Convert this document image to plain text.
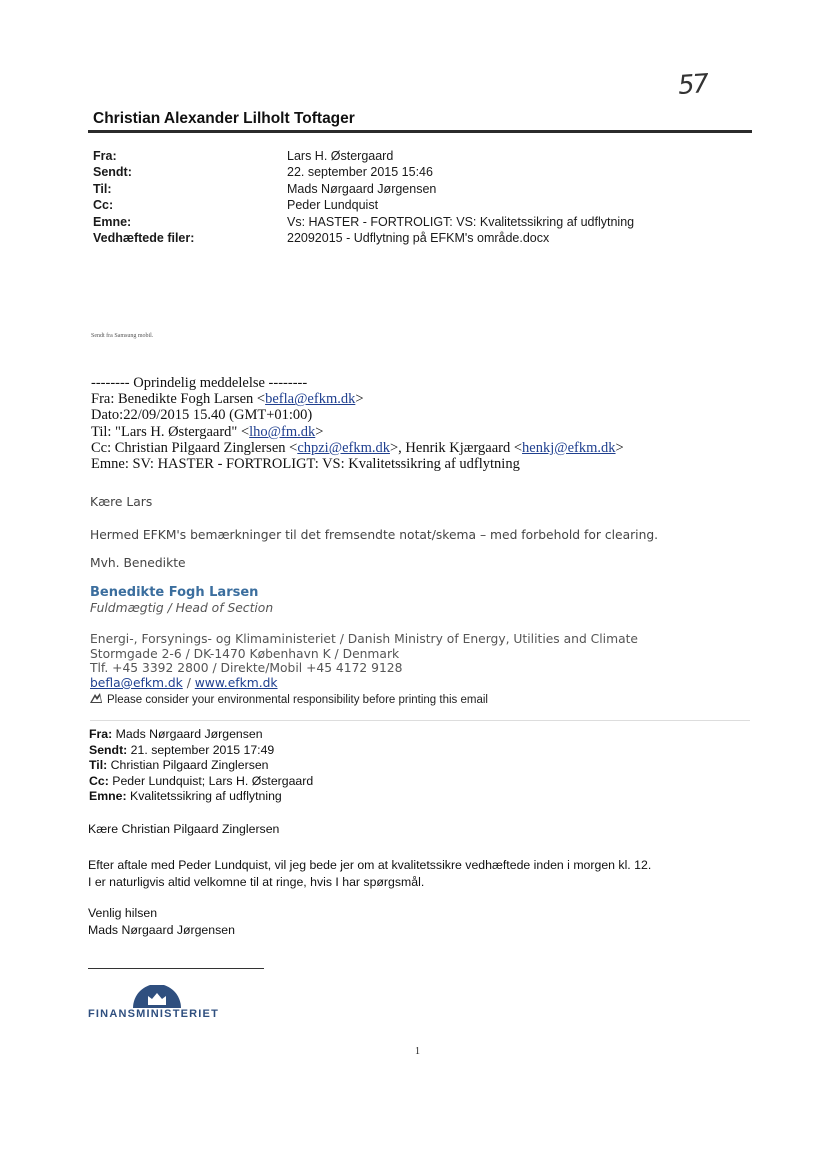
57
Christian Alexander Lilholt Toftager
Fra:
Sendt:
Til:
Cc:
Emne:
Vedhæftede filer:
Lars H. Østergaard
22. september 2015 15:46
Mads Nørgaard Jørgensen
Peder Lundquist
Vs: HASTER - FORTROLIGT: VS: Kvalitetssikring af udflytning
22092015 - Udflytning på EFKM's område.docx
Sendt fra Samsung mobil.
-------- Oprindelig meddelelse --------
Fra: Benedikte Fogh Larsen <befla@efkm.dk>
Dato:22/09/2015 15.40 (GMT+01:00)
Til: "Lars H. Østergaard" <lho@fm.dk>
Cc: Christian Pilgaard Zinglersen <chpzi@efkm.dk>, Henrik Kjærgaard <henkj@efkm.dk>
Emne: SV: HASTER - FORTROLIGT: VS: Kvalitetssikring af udflytning
Kære Lars
Hermed EFKM's bemærkninger til det fremsendte notat/skema – med forbehold for clearing.
Mvh. Benedikte
Benedikte Fogh Larsen
Fuldmægtig / Head of Section
Energi-, Forsynings- og Klimaministeriet / Danish Ministry of Energy, Utilities and Climate
Stormgade 2-6 / DK-1470 København K / Denmark
Tlf. +45 3392 2800 / Direkte/Mobil +45 4172 9128
befla@efkm.dk / www.efkm.dk
Please consider your environmental responsibility before printing this email
Fra: Mads Nørgaard Jørgensen
Sendt: 21. september 2015 17:49
Til: Christian Pilgaard Zinglersen
Cc: Peder Lundquist; Lars H. Østergaard
Emne: Kvalitetssikring af udflytning
Kære Christian Pilgaard Zinglersen
Efter aftale med Peder Lundquist, vil jeg bede jer om at kvalitetssikre vedhæftede inden i morgen kl. 12.
I er naturligvis altid velkomne til at ringe, hvis I har spørgsmål.
Venlig hilsen
Mads Nørgaard Jørgensen
FINANSMINISTERIET
1
